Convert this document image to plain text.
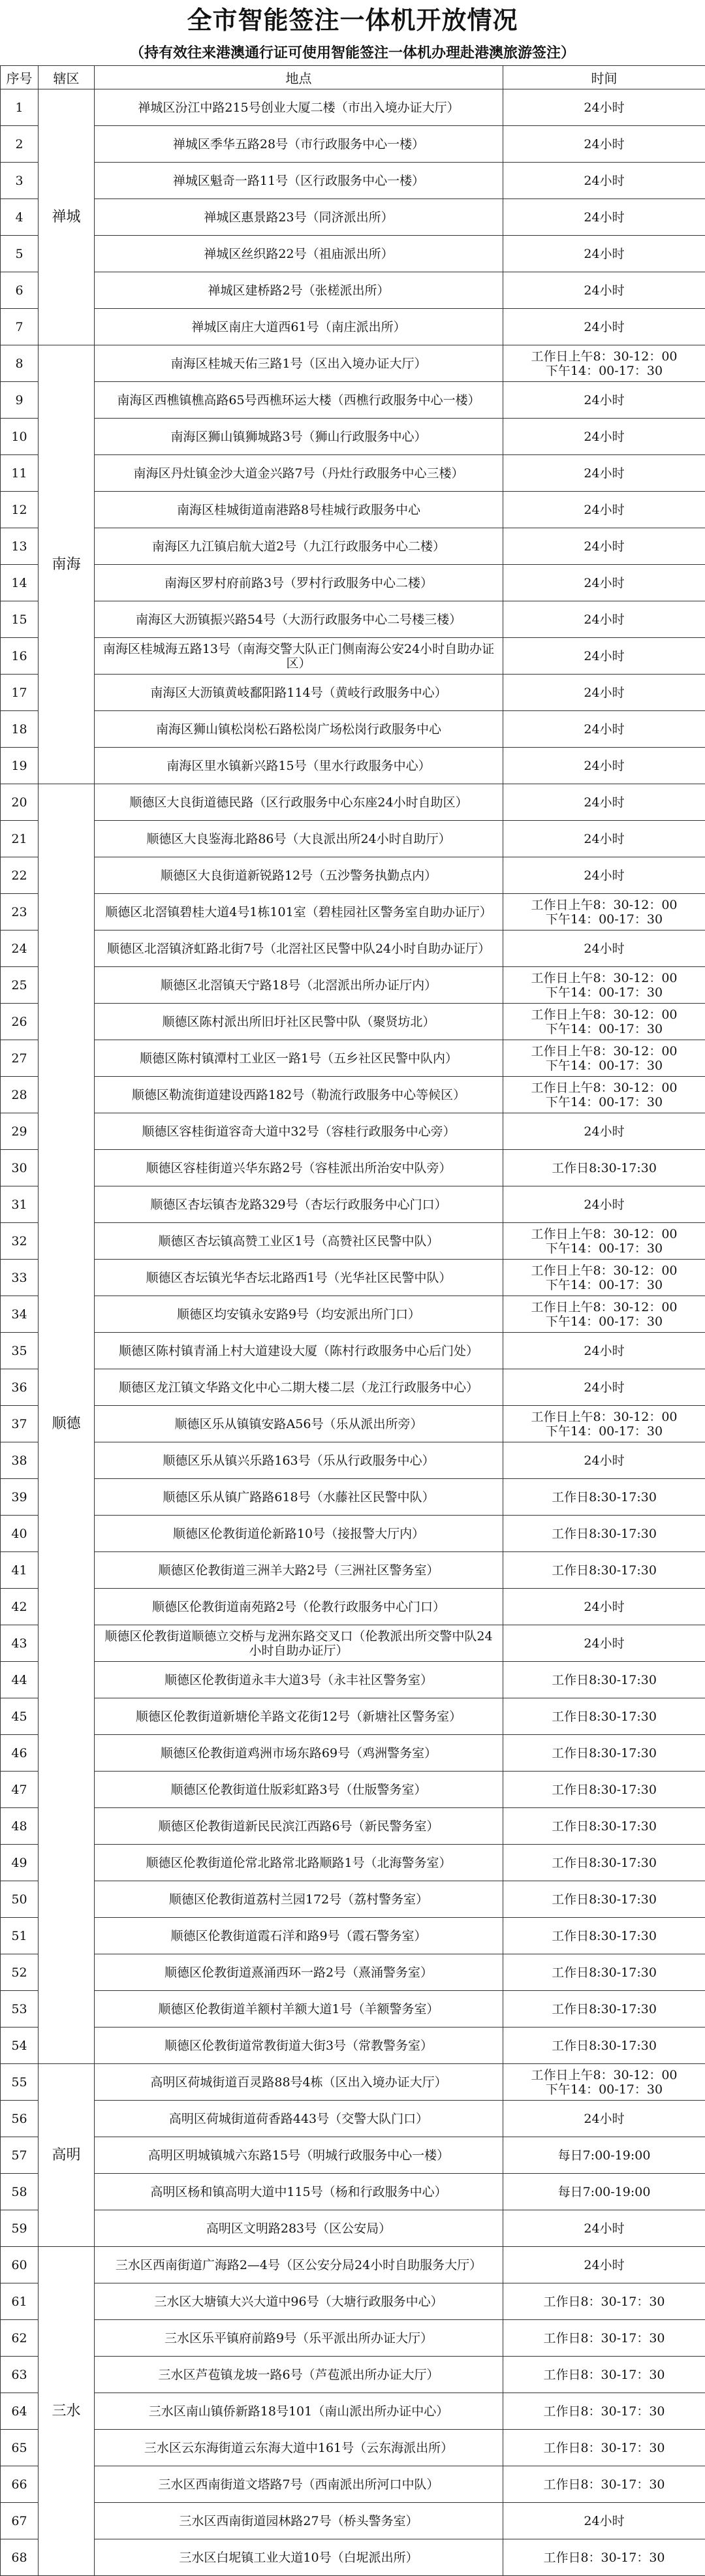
全市智能签注一体机开放情况
（持有效往来港澳通行证可使用智能签注一体机办理赴港澳旅游签注）
序号	辖区	地点	时间
1	禅城	禅城区汾江中路215号创业大厦二楼（市出入境办证大厅）	24小时
2		禅城区季华五路28号（市行政服务中心一楼）	24小时
3		禅城区魁奇一路11号（区行政服务中心一楼）	24小时
4		禅城区惠景路23号（同济派出所）	24小时
5		禅城区丝织路22号（祖庙派出所）	24小时
6		禅城区建桥路2号（张槎派出所）	24小时
7		禅城区南庄大道西61号（南庄派出所）	24小时
8	南海	南海区桂城天佑三路1号（区出入境办证大厅）	工作日上午8：30-12：00
下午14：00-17：30
9		南海区西樵镇樵高路65号西樵环运大楼（西樵行政服务中心一楼）	24小时
10		南海区狮山镇狮城路3号（狮山行政服务中心）	24小时
11		南海区丹灶镇金沙大道金兴路7号（丹灶行政服务中心三楼）	24小时
12		南海区桂城街道南港路8号桂城行政服务中心	24小时
13		南海区九江镇启航大道2号（九江行政服务中心二楼）	24小时
14		南海区罗村府前路3号（罗村行政服务中心二楼）	24小时
15		南海区大沥镇振兴路54号（大沥行政服务中心二号楼三楼）	24小时
16		南海区桂城海五路13号（南海交警大队正门侧南海公安24小时自助办证区）	24小时
17		南海区大沥镇黄岐鄱阳路114号（黄岐行政服务中心）	24小时
18		南海区狮山镇松岗松石路松岗广场松岗行政服务中心	24小时
19		南海区里水镇新兴路15号（里水行政服务中心）	24小时
20	顺德	顺德区大良街道德民路（区行政服务中心东座24小时自助区）	24小时
21		顺德区大良鉴海北路86号（大良派出所24小时自助厅）	24小时
22		顺德区大良街道新锐路12号（五沙警务执勤点内）	24小时
23		顺德区北滘镇碧桂大道4号1栋101室（碧桂园社区警务室自助办证厅）	工作日上午8：30-12：00
下午14：00-17：30
24		顺德区北滘镇济虹路北街7号（北滘社区民警中队24小时自助办证厅）	24小时
25		顺德区北滘镇天宁路18号（北滘派出所办证厅内）	工作日上午8：30-12：00
下午14：00-17：30
26		顺德区陈村派出所旧圩社区民警中队（聚贤坊北）	工作日上午8：30-12：00
下午14：00-17：30
27		顺德区陈村镇潭村工业区一路1号（五乡社区民警中队内）	工作日上午8：30-12：00
下午14：00-17：30
28		顺德区勒流街道建设西路182号（勒流行政服务中心等候区）	工作日上午8：30-12：00
下午14：00-17：30
29		顺德区容桂街道容奇大道中32号（容桂行政服务中心旁）	24小时
30		顺德区容桂街道兴华东路2号（容桂派出所治安中队旁）	工作日8:30-17:30
31		顺德区杏坛镇杏龙路329号（杏坛行政服务中心门口）	24小时
32		顺德区杏坛镇高赞工业区1号（高赞社区民警中队）	工作日上午8：30-12：00
下午14：00-17：30
33		顺德区杏坛镇光华杏坛北路西1号（光华社区民警中队）	工作日上午8：30-12：00
下午14：00-17：30
34		顺德区均安镇永安路9号（均安派出所门口）	工作日上午8：30-12：00
下午14：00-17：30
35		顺德区陈村镇青涌上村大道建设大厦（陈村行政服务中心后门处）	24小时
36		顺德区龙江镇文华路文化中心二期大楼二层（龙江行政服务中心）	24小时
37		顺德区乐从镇镇安路A56号（乐从派出所旁）	工作日上午8：30-12：00
下午14：00-17：30
38		顺德区乐从镇兴乐路163号（乐从行政服务中心）	24小时
39		顺德区乐从镇广路路618号（水藤社区民警中队）	工作日8:30-17:30
40		顺德区伦教街道伦新路10号（接报警大厅内）	工作日8:30-17:30
41		顺德区伦教街道三洲羊大路2号（三洲社区警务室）	工作日8:30-17:30
42		顺德区伦教街道南苑路2号（伦教行政服务中心门口）	24小时
43		顺德区伦教街道顺德立交桥与龙洲东路交叉口（伦教派出所交警中队24小时自助办证厅）	24小时
44		顺德区伦教街道永丰大道3号（永丰社区警务室）	工作日8:30-17:30
45		顺德区伦教街道新塘伦羊路文花街12号（新塘社区警务室）	工作日8:30-17:30
46		顺德区伦教街道鸡洲市场东路69号（鸡洲警务室）	工作日8:30-17:30
47		顺德区伦教街道仕版彩虹路3号（仕版警务室）	工作日8:30-17:30
48		顺德区伦教街道新民民滨江西路6号（新民警务室）	工作日8:30-17:30
49		顺德区伦教街道伦常北路常北路顺路1号（北海警务室）	工作日8:30-17:30
50		顺德区伦教街道荔村兰园172号（荔村警务室）	工作日8:30-17:30
51		顺德区伦教街道霞石洋和路9号（霞石警务室）	工作日8:30-17:30
52		顺德区伦教街道熹涌西环一路2号（熹涌警务室）	工作日8:30-17:30
53		顺德区伦教街道羊额村羊额大道1号（羊额警务室）	工作日8:30-17:30
54		顺德区伦教街道常教街道大街3号（常教警务室）	工作日8:30-17:30
55	高明	高明区荷城街道百灵路88号4栋（区出入境办证大厅）	工作日上午8：30-12：00
下午14：00-17：30
56		高明区荷城街道荷香路443号（交警大队门口）	24小时
57		高明区明城镇城六东路15号（明城行政服务中心一楼）	每日7:00-19:00
58		高明区杨和镇高明大道中115号（杨和行政服务中心）	每日7:00-19:00
59		高明区文明路283号（区公安局）	24小时
60	三水	三水区西南街道广海路2—4号（区公安分局24小时自助服务大厅）	24小时
61		三水区大塘镇大兴大道中96号（大塘行政服务中心）	工作日8：30-17：30
62		三水区乐平镇府前路9号（乐平派出所办证大厅）	工作日8：30-17：30
63		三水区芦苞镇龙坡一路6号（芦苞派出所办证大厅）	工作日8：30-17：30
64		三水区南山镇侨新路18号101（南山派出所办证中心）	工作日8：30-17：30
65		三水区云东海街道云东海大道中161号（云东海派出所）	工作日8：30-17：30
66		三水区西南街道文塔路7号（西南派出所河口中队）	工作日8：30-17：30
67		三水区西南街道园林路27号（桥头警务室）	24小时
68		三水区白坭镇工业大道10号（白坭派出所）	工作日8：30-17：30
